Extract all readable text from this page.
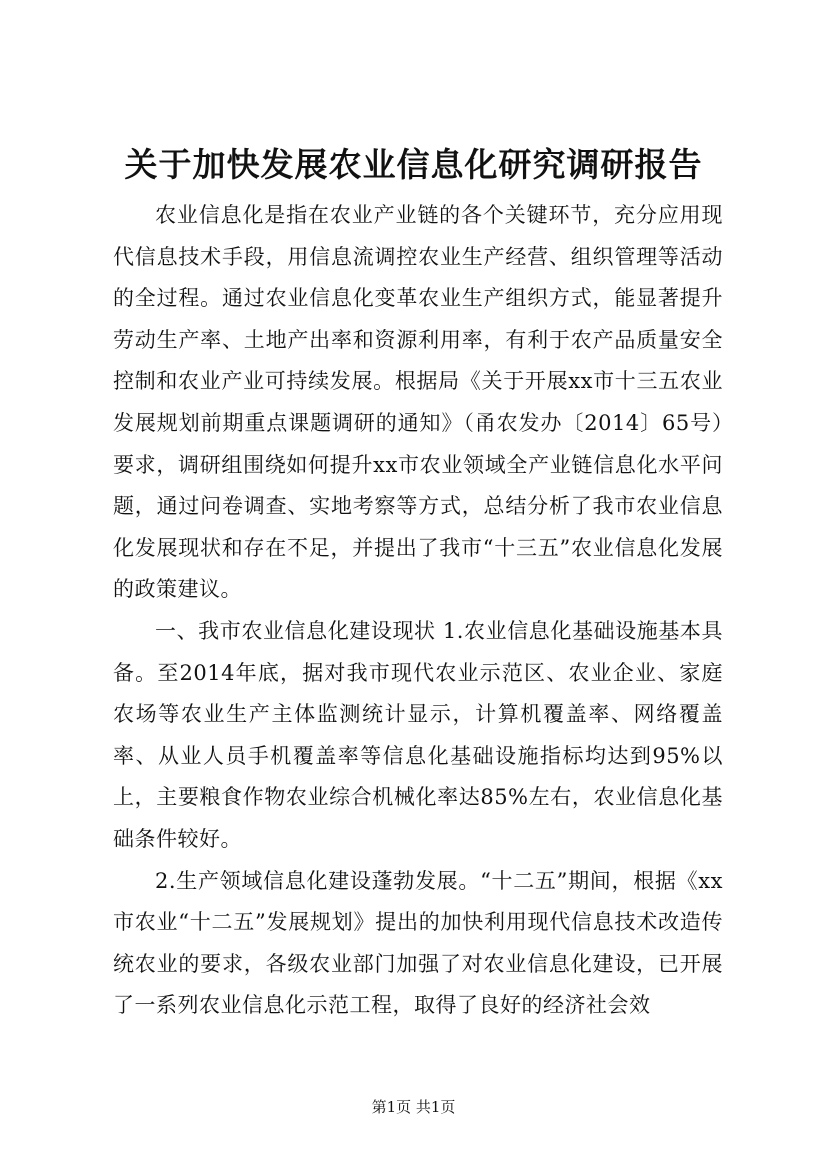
关于加快发展农业信息化研究调研报告

农业信息化是指在农业产业链的各个关键环节，充分应用现代信息技术手段，用信息流调控农业生产经营、组织管理等活动的全过程。通过农业信息化变革农业生产组织方式，能显著提升劳动生产率、土地产出率和资源利用率，有利于农产品质量安全控制和农业产业可持续发展。根据局《关于开展xx市十三五农业发展规划前期重点课题调研的通知》（甬农发办〔2014〕65号）要求，调研组围绕如何提升xx市农业领域全产业链信息化水平问题，通过问卷调查、实地考察等方式，总结分析了我市农业信息化发展现状和存在不足，并提出了我市“十三五”农业信息化发展的政策建议。

一、我市农业信息化建设现状 1.农业信息化基础设施基本具备。至2014年底，据对我市现代农业示范区、农业企业、家庭农场等农业生产主体监测统计显示，计算机覆盖率、网络覆盖率、从业人员手机覆盖率等信息化基础设施指标均达到95%以上，主要粮食作物农业综合机械化率达85%左右，农业信息化基础条件较好。

2.生产领域信息化建设蓬勃发展。“十二五”期间，根据《xx市农业“十二五”发展规划》提出的加快利用现代信息技术改造传统农业的要求，各级农业部门加强了对农业信息化建设，已开展了一系列农业信息化示范工程，取得了良好的经济社会效

第1页 共1页
